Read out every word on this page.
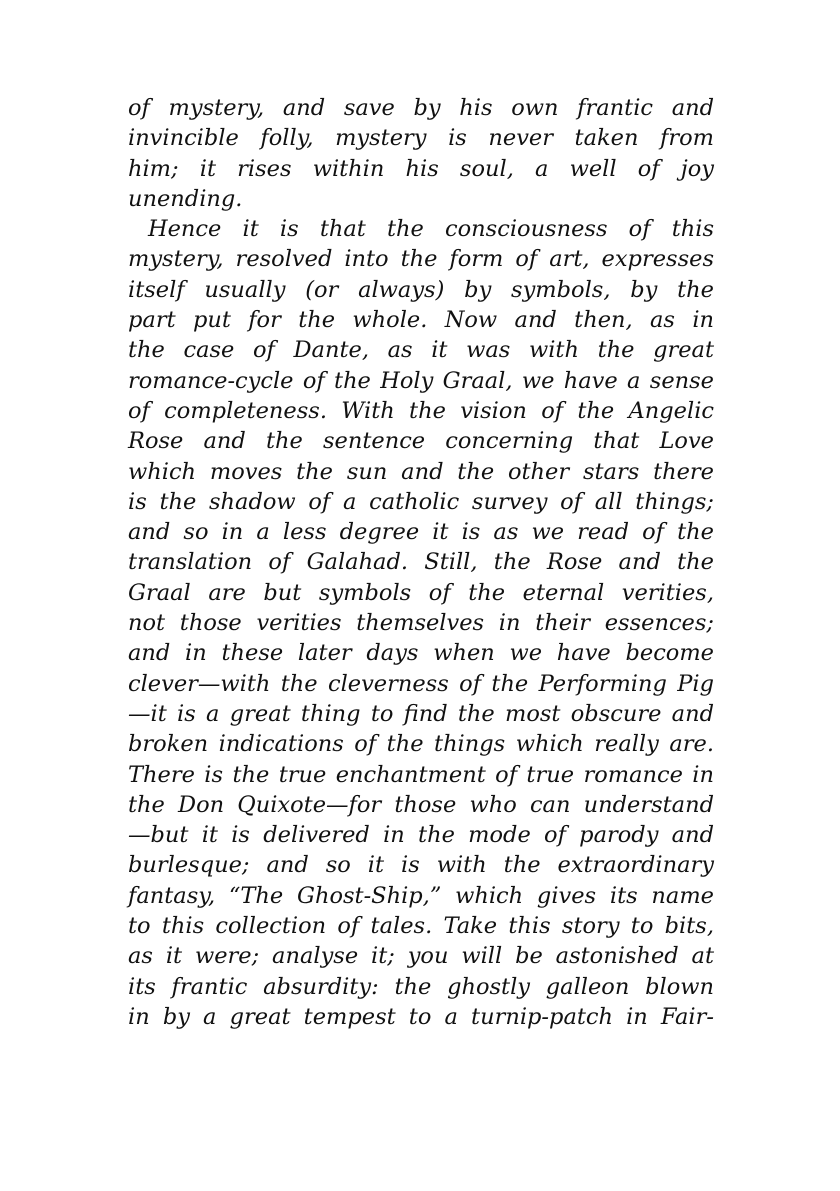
of mystery, and save by his own frantic and
invincible folly, mystery is never taken from
him; it rises within his soul, a well of joy
unending.
Hence it is that the consciousness of this
mystery, resolved into the form of art, expresses
itself usually (or always) by symbols, by the
part put for the whole. Now and then, as in
the case of Dante, as it was with the great
romance-cycle of the Holy Graal, we have a sense
of completeness. With the vision of the Angelic
Rose and the sentence concerning that Love
which moves the sun and the other stars there
is the shadow of a catholic survey of all things;
and so in a less degree it is as we read of the
translation of Galahad. Still, the Rose and the
Graal are but symbols of the eternal verities,
not those verities themselves in their essences;
and in these later days when we have become
clever—with the cleverness of the Performing Pig
—it is a great thing to find the most obscure and
broken indications of the things which really are.
There is the true enchantment of true romance in
the Don Quixote—for those who can understand
—but it is delivered in the mode of parody and
burlesque; and so it is with the extraordinary
fantasy, “The Ghost-Ship,” which gives its name
to this collection of tales. Take this story to bits,
as it were; analyse it; you will be astonished at
its frantic absurdity: the ghostly galleon blown
in by a great tempest to a turnip-patch in Fair-
